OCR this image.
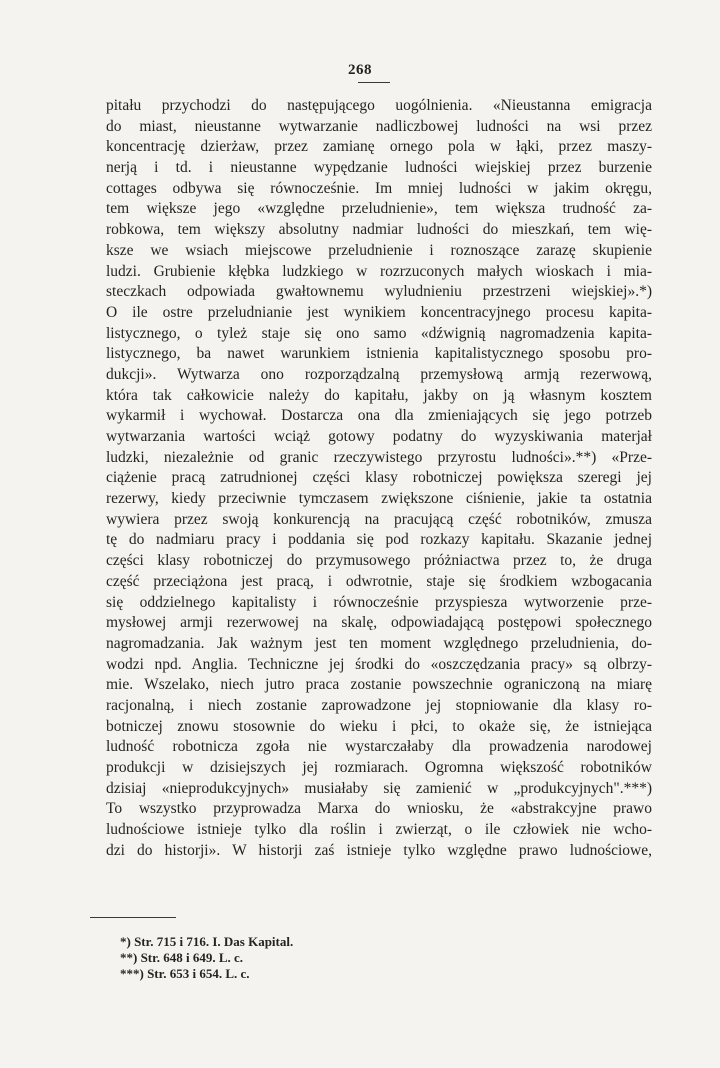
268
pitału przychodzi do następującego uogólnienia. «Nieustanna emigracja
do miast, nieustanne wytwarzanie nadliczbowej ludności na wsi przez
koncentrację dzierżaw, przez zamianę ornego pola w łąki, przez maszy-
nerją i td. i nieustanne wypędzanie ludności wiejskiej przez burzenie
cottages odbywa się równocześnie. Im mniej ludności w jakim okręgu,
tem większe jego «względne przeludnienie», tem większa trudność za-
robkowa, tem większy absolutny nadmiar ludności do mieszkań, tem wię-
ksze we wsiach miejscowe przeludnienie i roznoszące zarazę skupienie
ludzi. Grubienie kłębka ludzkiego w rozrzuconych małych wioskach i mia-
steczkach odpowiada gwałtownemu wyludnieniu przestrzeni wiejskiej».*)
O ile ostre przeludnianie jest wynikiem koncentracyjnego procesu kapita-
listycznego, o tyleż staje się ono samo «dźwignią nagromadzenia kapita-
listycznego, ba nawet warunkiem istnienia kapitalistycznego sposobu pro-
dukcji». Wytwarza ono rozporządzalną przemysłową armją rezerwową,
która tak całkowicie należy do kapitału, jakby on ją własnym kosztem
wykarmił i wychował. Dostarcza ona dla zmieniających się jego potrzeb
wytwarzania wartości wciąż gotowy podatny do wyzyskiwania materjał
ludzki, niezależnie od granic rzeczywistego przyrostu ludności».**) «Prze-
ciążenie pracą zatrudnionej części klasy robotniczej powiększa szeregi jej
rezerwy, kiedy przeciwnie tymczasem zwiększone ciśnienie, jakie ta ostatnia
wywiera przez swoją konkurencją na pracującą część robotników, zmusza
tę do nadmiaru pracy i poddania się pod rozkazy kapitału. Skazanie jednej
części klasy robotniczej do przymusowego próżniactwa przez to, że druga
część przeciążona jest pracą, i odwrotnie, staje się środkiem wzbogacania
się oddzielnego kapitalisty i równocześnie przyspiesza wytworzenie prze-
mysłowej armji rezerwowej na skalę, odpowiadającą postępowi społecznego
nagromadzania. Jak ważnym jest ten moment względnego przeludnienia, do-
wodzi npd. Anglia. Techniczne jej środki do «oszczędzania pracy» są olbrzy-
mie. Wszelako, niech jutro praca zostanie powszechnie ograniczoną na miarę
racjonalną, i niech zostanie zaprowadzone jej stopniowanie dla klasy ro-
botniczej znowu stosownie do wieku i płci, to okaże się, że istniejąca
ludność robotnicza zgoła nie wystarczałaby dla prowadzenia narodowej
produkcji w dzisiejszych jej rozmiarach. Ogromna większość robotników
dzisiaj «nieprodukcyjnych» musiałaby się zamienić w „produkcyjnych".***)
To wszystko przyprowadza Marxa do wniosku, że «abstrakcyjne prawo
ludnościowe istnieje tylko dla roślin i zwierząt, o ile człowiek nie wcho-
dzi do historji». W historji zaś istnieje tylko względne prawo ludnościowe,
*) Str. 715 i 716. I. Das Kapital.
**) Str. 648 i 649. L. c.
***) Str. 653 i 654. L. c.
